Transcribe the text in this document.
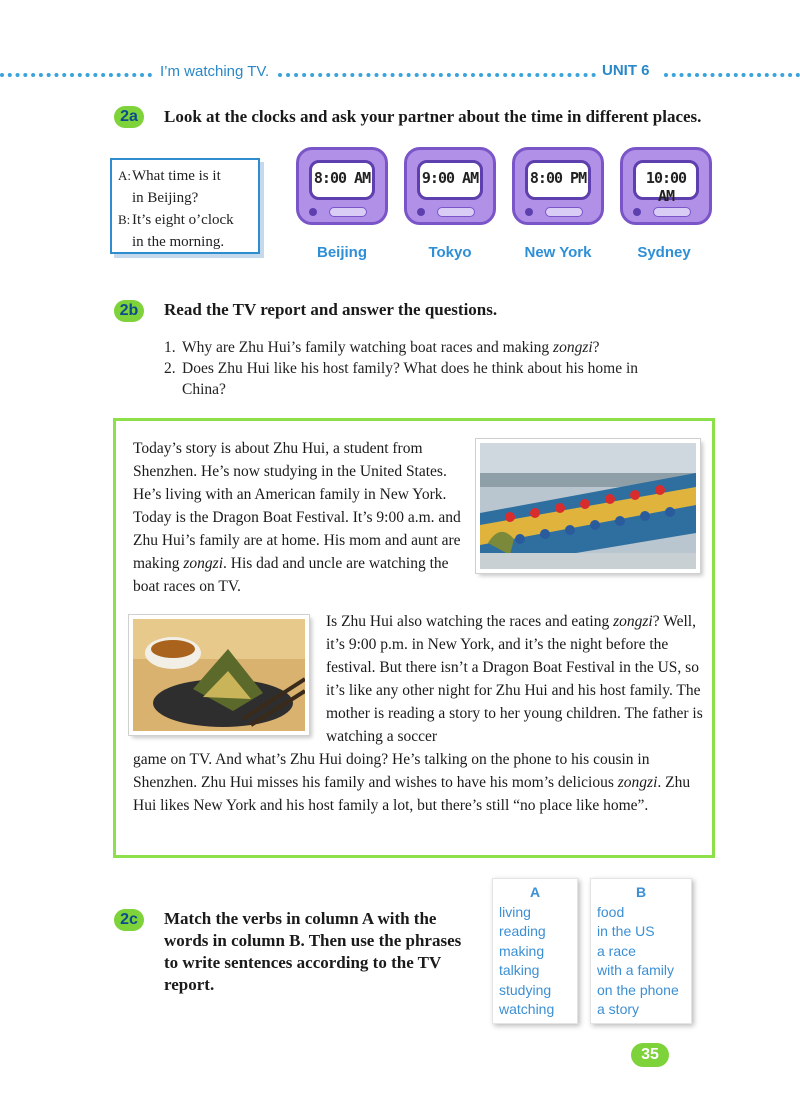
I’m watching TV.	UNIT 6
2a	Look at the clocks and ask your partner about the time in different places.
A: What time is it
in Beijing?
B: It’s eight o’clock
in the morning.
8:00 AM
Beijing
9:00 AM
Tokyo
8:00 PM
New York
10:00 AM
Sydney
2b	Read the TV report and answer the questions.
1. Why are Zhu Hui’s family watching boat races and making zongzi?
2. Does Zhu Hui like his host family? What does he think about his home in China?
Today’s story is about Zhu Hui, a student from Shenzhen. He’s now studying in the United States. He’s living with an American family in New York. Today is the Dragon Boat Festival. It’s 9:00 a.m. and Zhu Hui’s family are at home. His mom and aunt are making zongzi. His dad and uncle are watching the boat races on TV.
Is Zhu Hui also watching the races and eating zongzi? Well, it’s 9:00 p.m. in New York, and it’s the night before the festival. But there isn’t a Dragon Boat Festival in the US, so it’s like any other night for Zhu Hui and his host family. The mother is reading a story to her young children. The father is watching a soccer
game on TV. And what’s Zhu Hui doing? He’s talking on the phone to his cousin in Shenzhen. Zhu Hui misses his family and wishes to have his mom’s delicious zongzi. Zhu Hui likes New York and his host family a lot, but there’s still “no place like home”.
2c	Match the verbs in column A with the words in column B. Then use the phrases to write sentences according to the TV report.
A
living
reading
making
talking
studying
watching
B
food
in the US
a race
with a family
on the phone
a story
35
